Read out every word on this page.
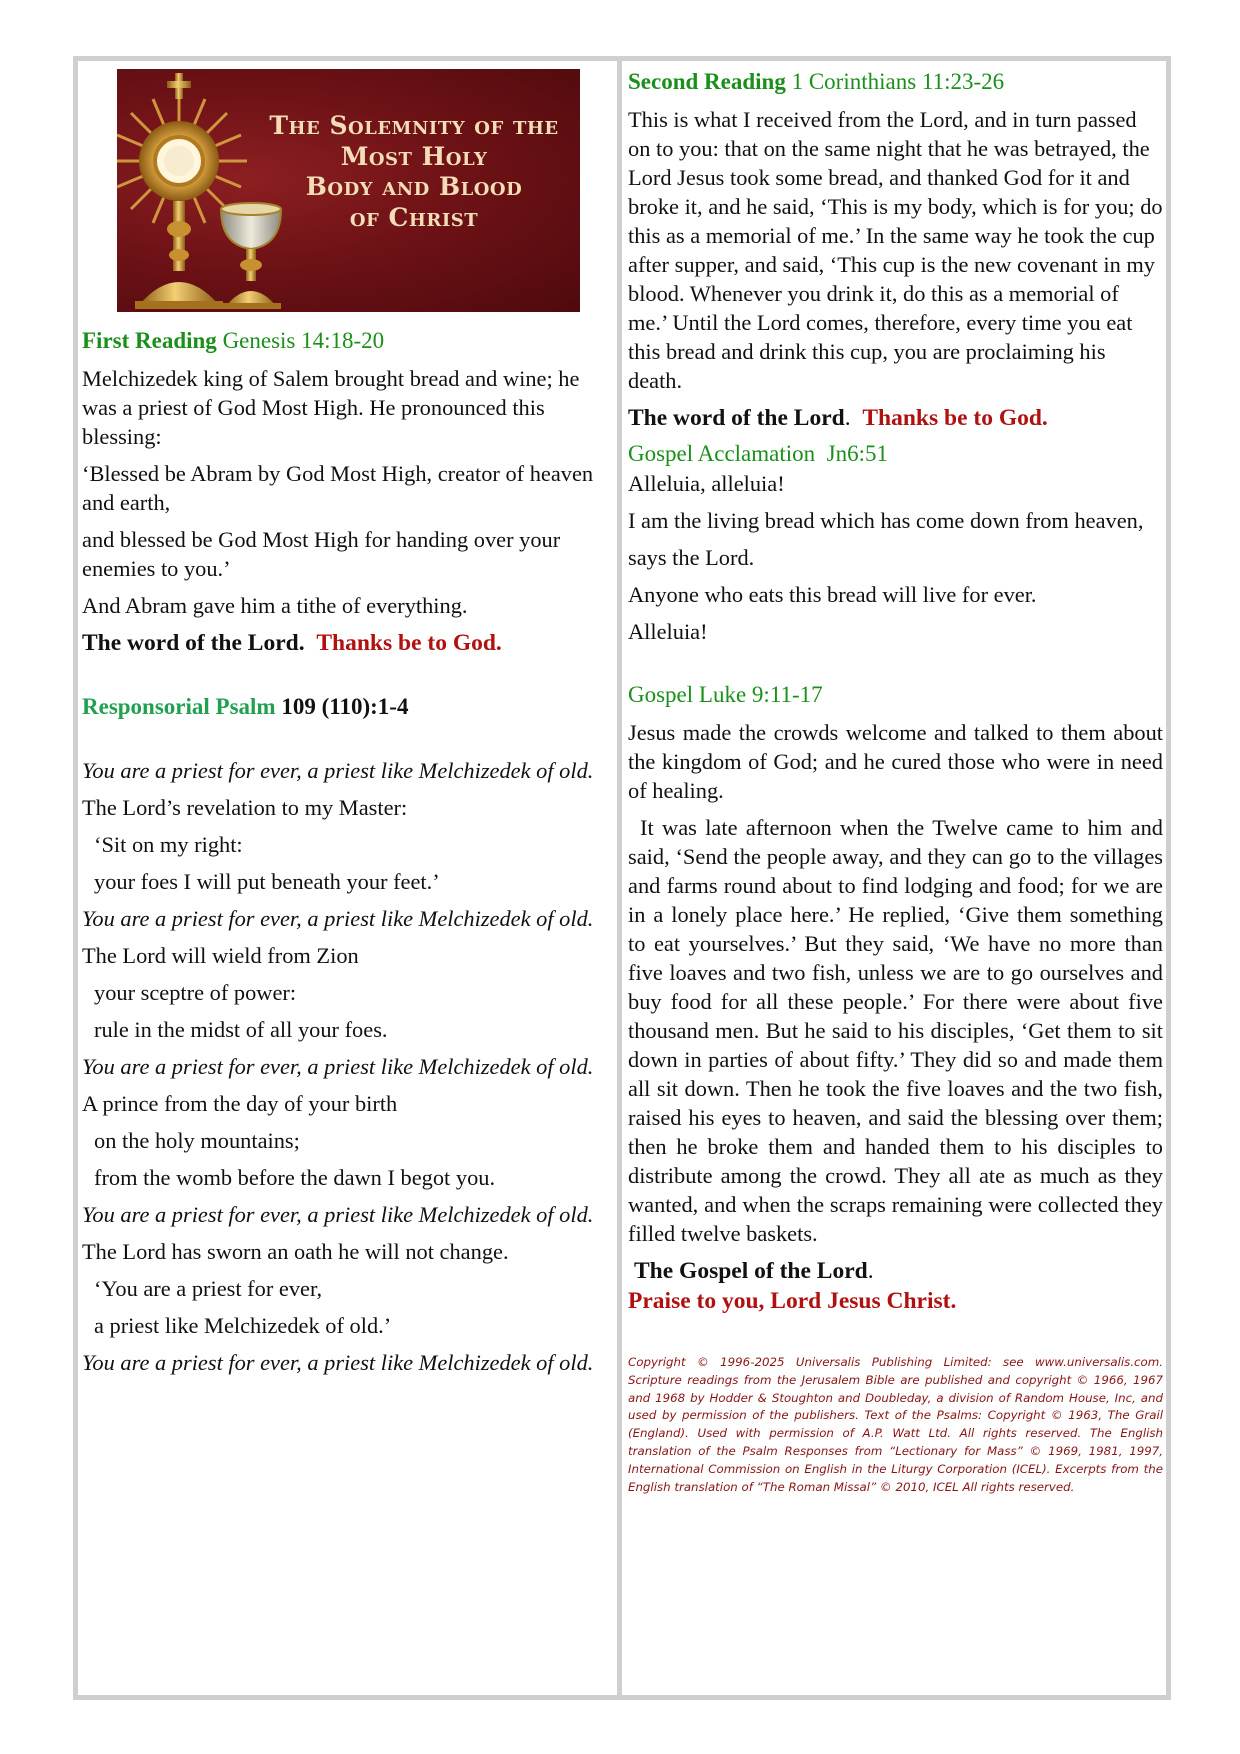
The Solemnity of the
Most Holy
Body and Blood
of Christ

First Reading Genesis 14:18-20

Melchizedek king of Salem brought bread and wine; he was a priest of God Most High. He pronounced this blessing:

‘Blessed be Abram by God Most High, creator of heaven and earth,

and blessed be God Most High for handing over your enemies to you.’

And Abram gave him a tithe of everything.

The word of the Lord. Thanks be to God.

Responsorial Psalm 109 (110):1-4

You are a priest for ever, a priest like Melchizedek of old.

The Lord’s revelation to my Master:

‘Sit on my right:

your foes I will put beneath your feet.’

You are a priest for ever, a priest like Melchizedek of old.

The Lord will wield from Zion

your sceptre of power:

rule in the midst of all your foes.

You are a priest for ever, a priest like Melchizedek of old.

A prince from the day of your birth

on the holy mountains;

from the womb before the dawn I begot you.

You are a priest for ever, a priest like Melchizedek of old.

The Lord has sworn an oath he will not change.

‘You are a priest for ever,

a priest like Melchizedek of old.’

You are a priest for ever, a priest like Melchizedek of old.

Second Reading 1 Corinthians 11:23-26

This is what I received from the Lord, and in turn passed on to you: that on the same night that he was betrayed, the Lord Jesus took some bread, and thanked God for it and broke it, and he said, ‘This is my body, which is for you; do this as a memorial of me.’ In the same way he took the cup after supper, and said, ‘This cup is the new covenant in my blood. Whenever you drink it, do this as a memorial of me.’ Until the Lord comes, therefore, every time you eat this bread and drink this cup, you are proclaiming his death.

The word of the Lord.  Thanks be to God.

Gospel Acclamation Jn6:51

Alleluia, alleluia!

I am the living bread which has come down from heaven,

says the Lord.

Anyone who eats this bread will live for ever.

Alleluia!

Gospel Luke 9:11-17

Jesus made the crowds welcome and talked to them about the kingdom of God; and he cured those who were in need of healing.

It was late afternoon when the Twelve came to him and said, ‘Send the people away, and they can go to the villages and farms round about to find lodging and food; for we are in a lonely place here.’ He replied, ‘Give them something to eat yourselves.’ But they said, ‘We have no more than five loaves and two fish, unless we are to go ourselves and buy food for all these people.’ For there were about five thousand men. But he said to his disciples, ‘Get them to sit down in parties of about fifty.’ They did so and made them all sit down. Then he took the five loaves and the two fish, raised his eyes to heaven, and said the blessing over them; then he broke them and handed them to his disciples to distribute among the crowd. They all ate as much as they wanted, and when the scraps remaining were collected they filled twelve baskets.

The Gospel of the Lord.

Praise to you, Lord Jesus Christ.

Copyright © 1996-2025 Universalis Publishing Limited: see www.universalis.com. Scripture readings from the Jerusalem Bible are published and copyright © 1966, 1967 and 1968 by Hodder & Stoughton and Doubleday, a division of Random House, Inc, and used by permission of the publishers. Text of the Psalms: Copyright © 1963, The Grail (England). Used with permission of A.P. Watt Ltd. All rights reserved. The English translation of the Psalm Responses from “Lectionary for Mass” © 1969, 1981, 1997, International Commission on English in the Liturgy Corporation (ICEL). Excerpts from the English translation of “The Roman Missal” © 2010, ICEL All rights reserved.
